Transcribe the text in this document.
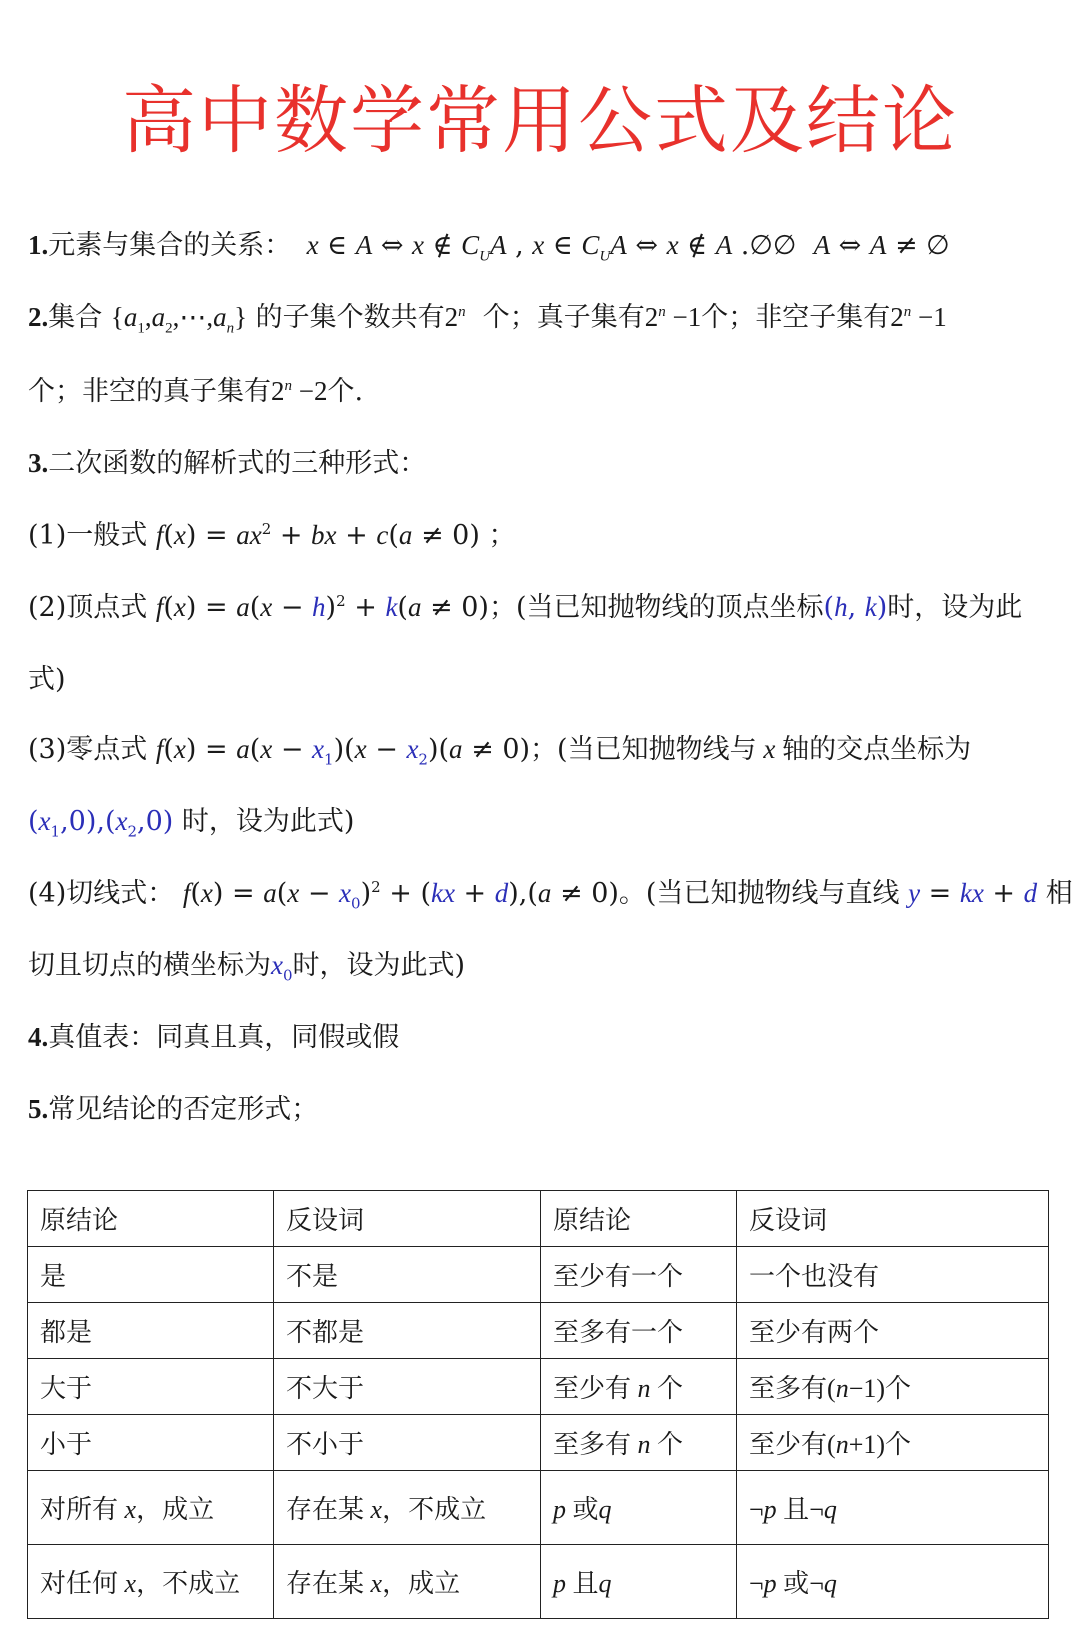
高中数学常用公式及结论
1.元素与集合的关系：  x ∈ A ⇔ x ∉ $C_UA$ , x ∈ $C_UA$ ⇔ x ∉ A .∅∅  A ⇔ A ≠ ∅
2.集合 $\{a_1,a_2,\cdots,a_n\}$ 的子集个数共有2$^n$ 个；真子集有$2^n -1$个；非空子集有$2^n -1$
个；非空的真子集有$2^n -2$个.
3.二次函数的解析式的三种形式：
(1)一般式 $f(x) = ax^2$ + bx + c(a ≠ 0) ；
(2)顶点式 $f(x) = a(x - h)^2 + k(a \ne 0)$；(当已知抛物线的顶点坐标(h, k)时，设为此
式)
(3)零点式 $f(x) = a(x - x_1)(x - x_2)(a \ne 0)$；(当已知抛物线与 x 轴的交点坐标为
$(x_1,0),(x_2,0)$ 时，设为此式)
(4)切线式： $f(x) = a(x - x_0)^2 + (kx + d),(a \ne 0)$。(当已知抛物线与直线 y = kx + d 相
切且切点的横坐标为$x_0$时，设为此式)
4.真值表：同真且真，同假或假
5.常见结论的否定形式；
原结论	反设词	原结论	反设词
是	不是	至少有一个	一个也没有
都是	不都是	至多有一个	至少有两个
大于	不大于	至少有 n 个	至多有(n−1)个
小于	不小于	至多有 n 个	至少有(n+1)个
对所有 x，成立	存在某 x，不成立	p 或q	¬p 且¬q
对任何 x，不成立	存在某 x，成立	p 且q	¬p 或¬q
